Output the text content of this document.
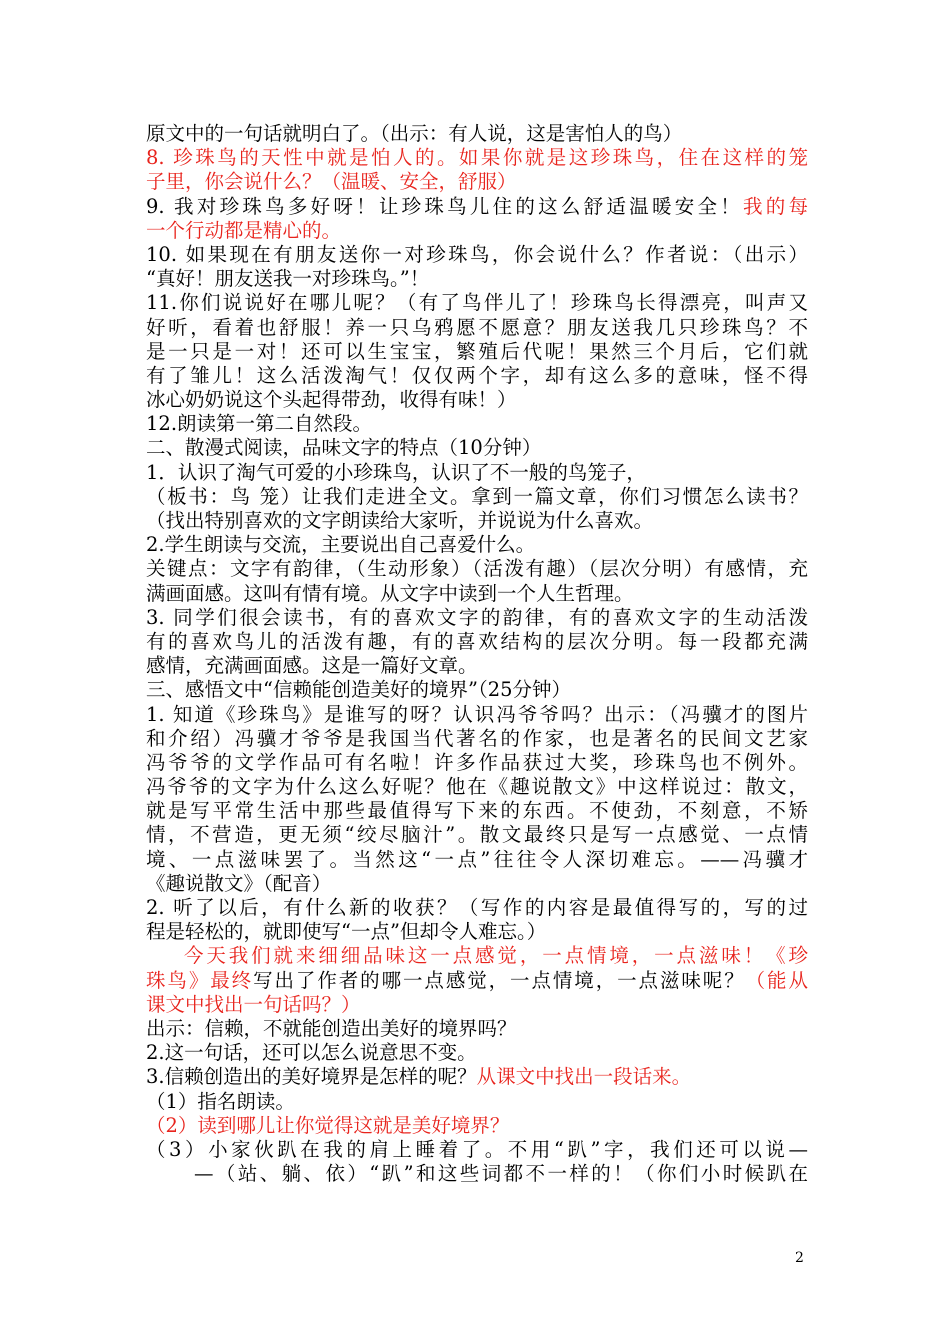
原文中的一句话就明白了。（出示：有人说，这是害怕人的鸟）
8. 珍珠鸟的天性中就是怕人的。如果你就是这珍珠鸟，住在这样的笼
子里，你会说什么？（温暖、安全，舒服）
9. 我对珍珠鸟多好呀！让珍珠鸟儿住的这么舒适温暖安全！我的每
一个行动都是精心的。
10. 如果现在有朋友送你一对珍珠鸟，你会说什么？作者说：（出示）
“真好！朋友送我一对珍珠鸟。”！
11.你们说说好在哪儿呢？（有了鸟伴儿了！珍珠鸟长得漂亮，叫声又
好听，看着也舒服！养一只乌鸦愿不愿意？朋友送我几只珍珠鸟？不
是一只是一对！还可以生宝宝，繁殖后代呢！果然三个月后，它们就
有了雏儿！这么活泼淘气！仅仅两个字，却有这么多的意味，怪不得
冰心奶奶说这个头起得带劲，收得有味！）
12.朗读第一第二自然段。
二、散漫式阅读，品味文字的特点（10分钟）
1．认识了淘气可爱的小珍珠鸟，认识了不一般的鸟笼子，
（板书：鸟 笼）让我们走进全文。拿到一篇文章，你们习惯怎么读书？
（找出特别喜欢的文字朗读给大家听，并说说为什么喜欢。
2.学生朗读与交流，主要说出自己喜爱什么。
关键点：文字有韵律，（生动形象）（活泼有趣）（层次分明）有感情，充
满画面感。这叫有情有境。从文字中读到一个人生哲理。
3. 同学们很会读书，有的喜欢文字的韵律，有的喜欢文字的生动活泼
有的喜欢鸟儿的活泼有趣，有的喜欢结构的层次分明。每一段都充满
感情，充满画面感。这是一篇好文章。
三、感悟文中“信赖能创造美好的境界”（25分钟）
1. 知道《珍珠鸟》是谁写的呀？认识冯爷爷吗？出示：（冯骥才的图片
和介绍）冯骥才爷爷是我国当代著名的作家，也是著名的民间文艺家
冯爷爷的文学作品可有名啦！许多作品获过大奖，珍珠鸟也不例外。
冯爷爷的文字为什么这么好呢？他在《趣说散文》中这样说过：散文，
就是写平常生活中那些最值得写下来的东西。不使劲，不刻意，不矫
情，不营造，更无须“绞尽脑汁”。散文最终只是写一点感觉、一点情
境、一点滋味罢了。当然这“一点”往往令人深切难忘。——冯骥才
《趣说散文》（配音）
2. 听了以后，有什么新的收获？（写作的内容是最值得写的，写的过
程是轻松的，就即使写“一点”但却令人难忘。）
今天我们就来细细品味这一点感觉，一点情境，一点滋味！《珍
珠鸟》最终写出了作者的哪一点感觉，一点情境，一点滋味呢？（能从
课文中找出一句话吗？）
出示：信赖，不就能创造出美好的境界吗？
2.这一句话，还可以怎么说意思不变。
3.信赖创造出的美好境界是怎样的呢？从课文中找出一段话来。
（1）指名朗读。
（2）读到哪儿让你觉得这就是美好境界？
（3）小家伙趴在我的肩上睡着了。不用“趴”字，我们还可以说—
—（站、躺、依）“趴”和这些词都不一样的！（你们小时候趴在
2
